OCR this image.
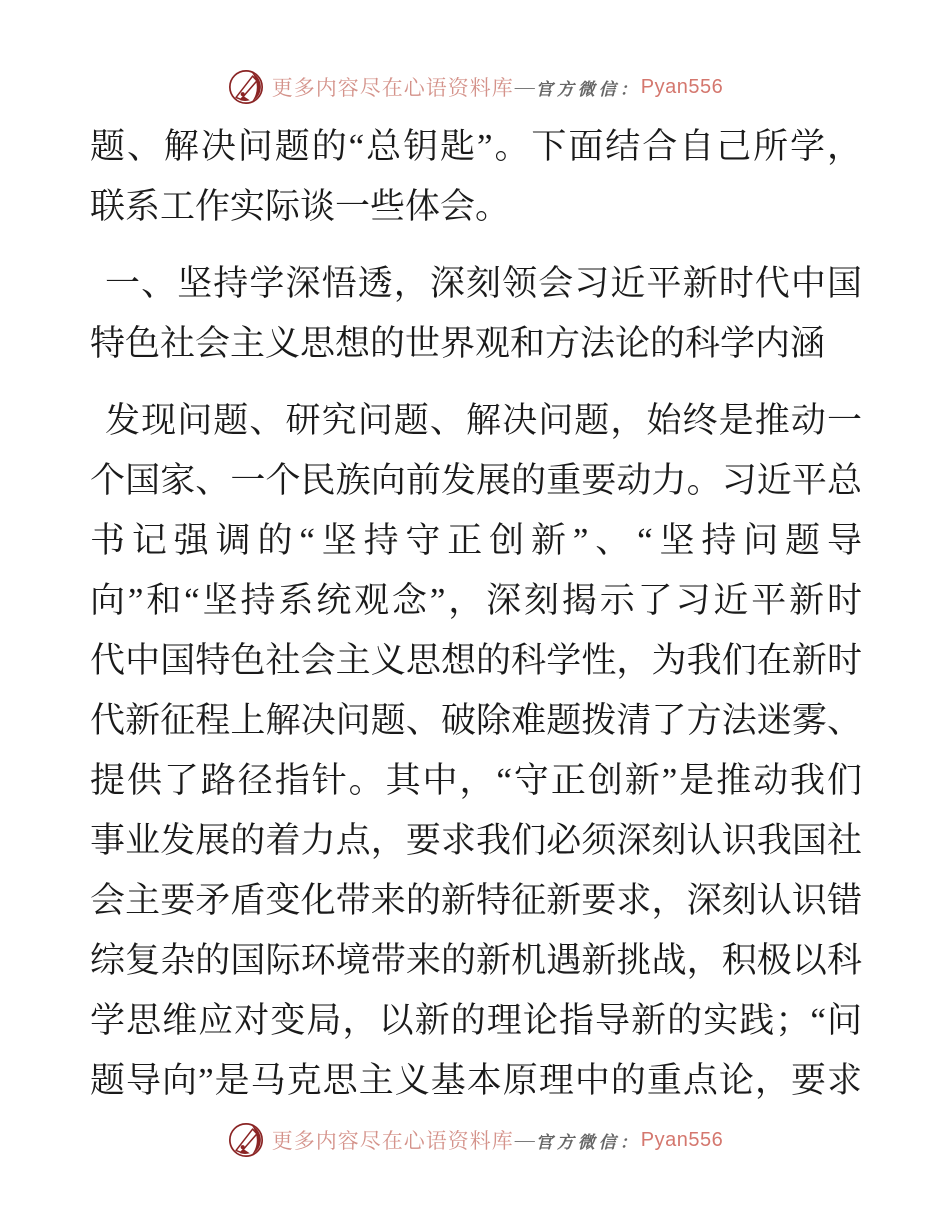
更多内容尽在心语资料库 — 官方微信： Pyan556
题、解决问题的“总钥匙”。下面结合自己所学，
联系工作实际谈一些体会。
一、坚持学深悟透，深刻领会习近平新时代中国
特色社会主义思想的世界观和方法论的科学内涵
发现问题、研究问题、解决问题，始终是推动一
个国家、一个民族向前发展的重要动力。习近平总
书记强调的“坚持守正创新”、“坚持问题导
向”和“坚持系统观念”，深刻揭示了习近平新时
代中国特色社会主义思想的科学性，为我们在新时
代新征程上解决问题、破除难题拨清了方法迷雾、
提供了路径指针。其中，“守正创新”是推动我们
事业发展的着力点，要求我们必须深刻认识我国社
会主要矛盾变化带来的新特征新要求，深刻认识错
综复杂的国际环境带来的新机遇新挑战，积极以科
学思维应对变局，以新的理论指导新的实践；“问
题导向”是马克思主义基本原理中的重点论，要求
更多内容尽在心语资料库 — 官方微信： Pyan556
